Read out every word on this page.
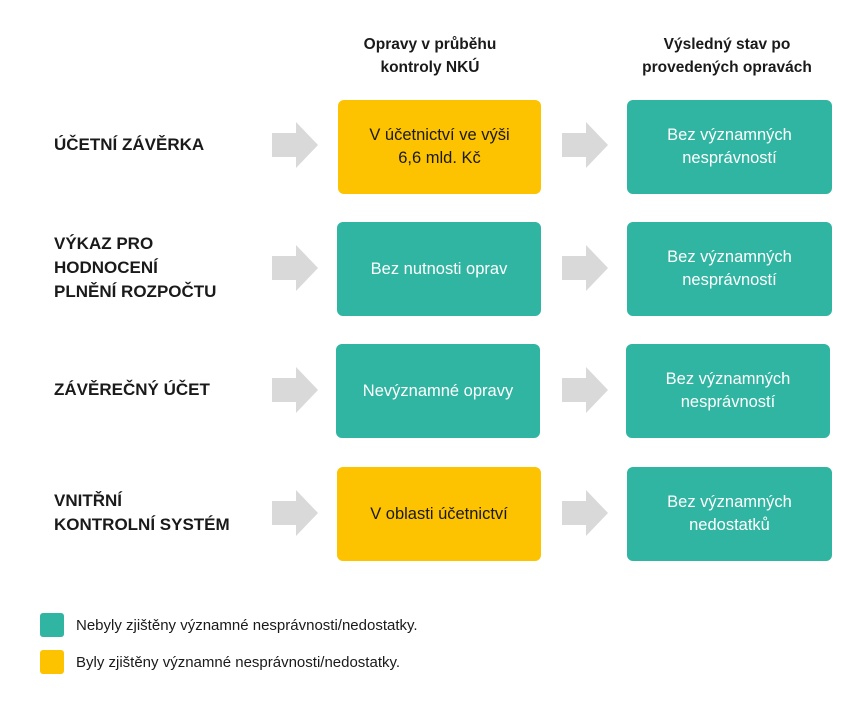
Opravy v průběhu
kontroly NKÚ
Výsledný stav po
provedených opravách
ÚČETNÍ ZÁVĚRKA	V účetnictví ve výši
6,6 mld. Kč
Bez významných
nesprávností
VÝKAZ PRO
HODNOCENÍ
PLNĚNÍ ROZPOČTU
Bez nutnosti oprav
Bez významných
nesprávností
ZÁVĚREČNÝ ÚČET	Nevýznamné opravy
Bez významných
nesprávností
VNITŘNÍ
KONTROLNÍ SYSTÉM
V oblasti účetnictví
Bez významných
nedostatků
Nebyly zjištěny významné nesprávnosti/nedostatky.
Byly zjištěny významné nesprávnosti/nedostatky.
